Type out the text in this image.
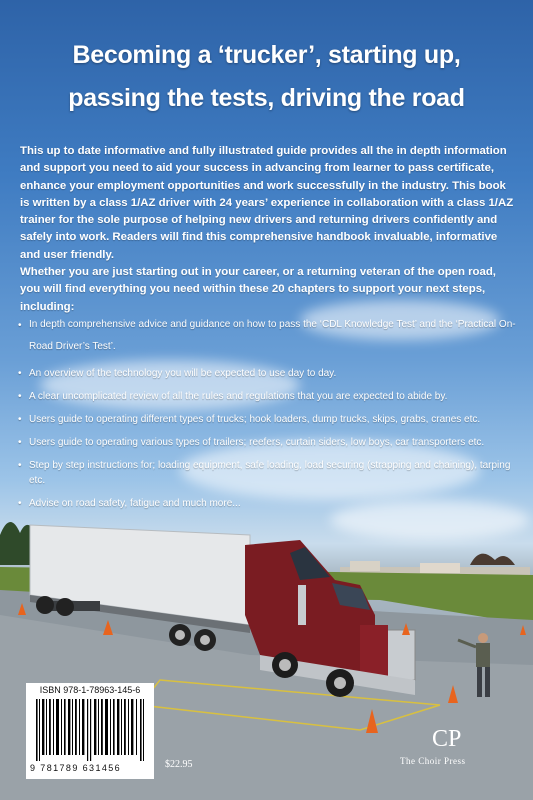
Becoming a ‘trucker’, starting up,
passing the tests, driving the road

This up to date informative and fully illustrated guide provides all the in depth information and support you need to aid your success in advancing from learner to pass certificate, enhance your employment opportunities and work successfully in the industry. This book is written by a class 1/AZ driver with 24 years’ experience in collaboration with a class 1/AZ trainer for the sole purpose of helping new drivers and returning drivers confidently and safely into work. Readers will find this comprehensive handbook invaluable, informative and user friendly.

Whether you are just starting out in your career, or a returning veteran of the open road, you will find everything you need within these 20 chapters to support your next steps, including:

• In depth comprehensive advice and guidance on how to pass the ‘CDL Knowledge Test’ and the ‘Practical On-Road Driver’s Test’.
• An overview of the technology you will be expected to use day to day.
• A clear uncomplicated review of all the rules and regulations that you are expected to abide by.
• Users guide to operating different types of trucks; hook loaders, dump trucks, skips, grabs, cranes etc.
• Users guide to operating various types of trailers; reefers, curtain siders, low boys, car transporters etc.
• Step by step instructions for; loading equipment, safe loading, load securing (strapping and chaining), tarping etc.
• Advise on road safety, fatigue and much more...
ISBN 978-1-78963-145-6
9 781789 631456	$22.95
CP
The Choir Press
